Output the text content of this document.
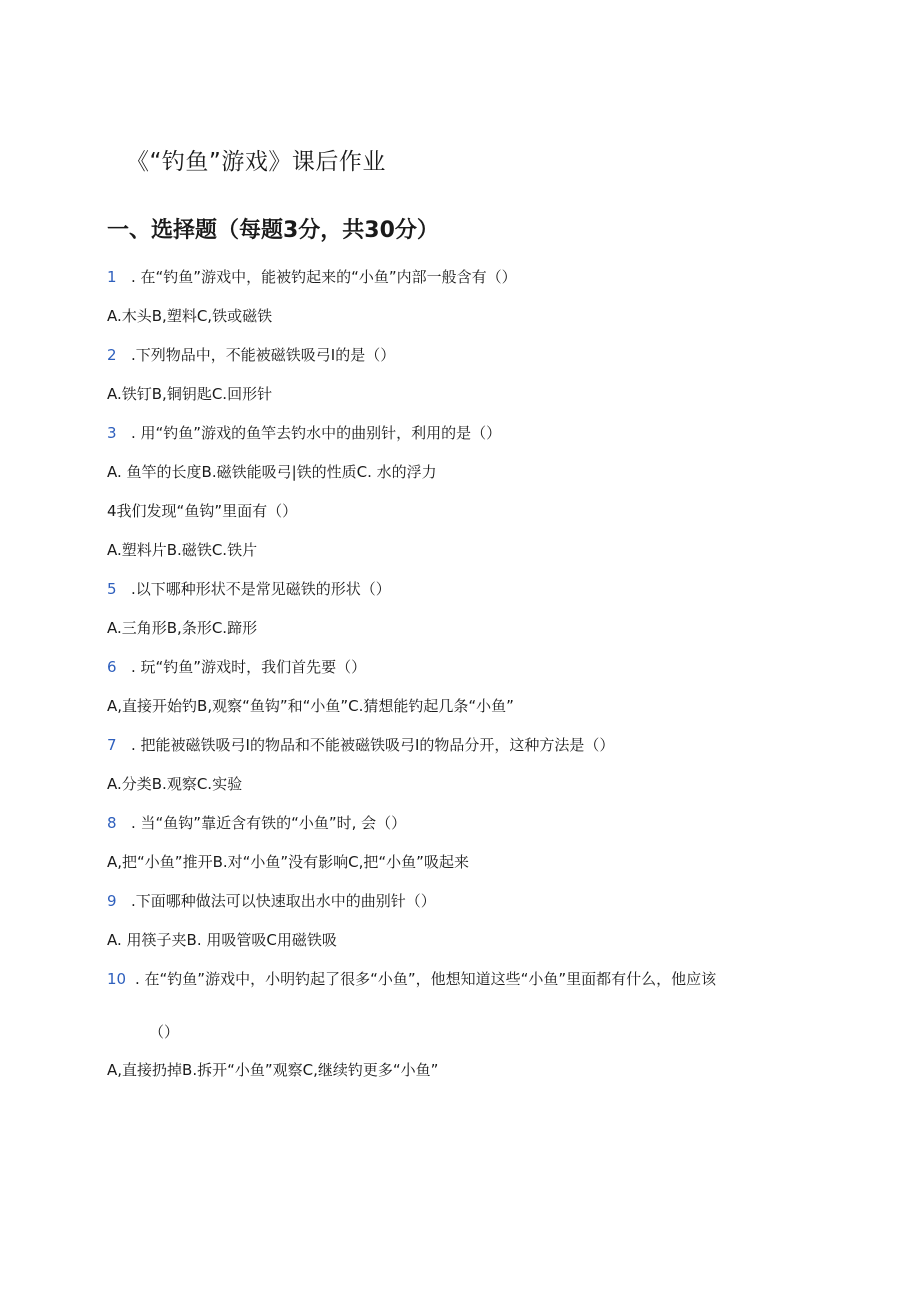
《“钓鱼”游戏》课后作业
一、选择题（每题3分，共30分）
1 . 在“钓鱼”游戏中，能被钓起来的“小鱼”内部一般含有（）
A.木头B,塑料C,铁或磁铁
2 .下列物品中，不能被磁铁吸弓I的是（）
A.铁钉B,铜钥匙C.回形针
3 . 用“钓鱼”游戏的鱼竿去钓水中的曲别针，利用的是（）
A. 鱼竿的长度B.磁铁能吸弓|铁的性质C. 水的浮力
4我们发现“鱼钩”里面有（）
A.塑料片B.磁铁C.铁片
5 .以下哪种形状不是常见磁铁的形状（）
A.三角形B,条形C.蹄形
6 . 玩“钓鱼”游戏时，我们首先要（）
A,直接开始钓B,观察“鱼钩”和“小鱼”C.猜想能钓起几条“小鱼”
7 . 把能被磁铁吸弓I的物品和不能被磁铁吸弓I的物品分开，这种方法是（）
A.分类B.观察C.实验
8 . 当“鱼钩”靠近含有铁的“小鱼”时, 会（）
A,把“小鱼”推开B.对“小鱼”没有影响C,把“小鱼”吸起来
9 .下面哪种做法可以快速取出水中的曲别针（）
A. 用筷子夹B. 用吸管吸C用磁铁吸
10 . 在“钓鱼”游戏中，小明钓起了很多“小鱼”，他想知道这些“小鱼”里面都有什么，他应该
（）
A,直接扔掉B.拆开“小鱼”观察C,继续钓更多“小鱼”
